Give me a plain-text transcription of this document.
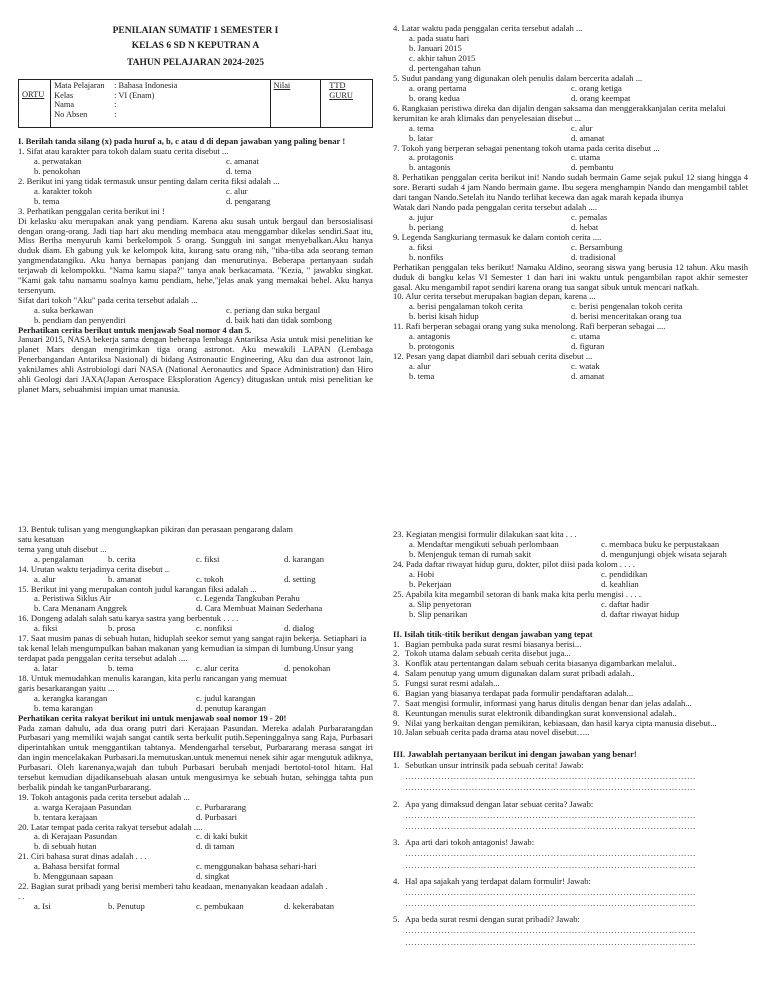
PENILAIAN SUMATIF 1 SEMESTER I

KELAS 6 SD N KEPUTRAN A

TAHUN PELAJARAN 2024-2025

ORTU	
Mata Pelajaran	: Bahasa Indonesia
Kelas	: VI (Enam)
Nama	:
No Absen	:
	Nilai	TTD
GURU

I. Berilah tanda silang (x) pada huruf a, b, c atau d di depan jawaban yang paling benar !

1. Sifat atau karakter para tokoh dalam suatu cerita disebut ...

a. perwatakan	c. amanat
b. penokohan	d. tema

2. Berikut ini yang tidak termasuk unsur penting dalam cerita fiksi adalah ...

a. karakter tokoh	c. alur
b. tema	d. pengarang

3. Perhatikan penggalan cerita berikut ini !

Di kelasku aku merupakan anak yang pendiam. Karena aku susah untuk bergaul dan bersosialisasi dengan orang-orang. Jadi tiap hari aku mending membaca atau menggambar dikelas sendiri.Saat itu, Miss Bertha menyuruh kami berkelompok 5 orang. Sungguh ini sangat menyebalkan.Aku hanya duduk diam. Eh gabung yuk ke kelompok kita, kurang satu orang nih, "tiba-tiba ada seorang teman yangmendatangiku. Aku hanya bernapas panjang dan menurutinya. Beberapa pertanyaan sudah terjawab di kelompokku. "Nama kamu siapa?" tanya anak berkacamata. "Kezia, " jawabku singkat. "Kami gak tahu namamu soalnya kamu pendiam, hehe,"jelas anak yang memakai behel. Aku hanya tersenyum.

Sifat dari tokoh "Aku" pada cerita tersebut adalah ...

a. suka berkawan	c. periang dan suka bergaul
b. pendiam dan penyendiri	d. baik hati dan tidak sombong

Perhatikan cerita berikut untuk menjawab Soal nomor 4 dan 5.

Januari 2015, NASA bekerja sama dengan beberapa lembaga Antariksa Asia untuk misi penelitian ke planet Mars dengan mengirimkan tiga orang astronot. Aku mewakili LAPAN (Lembaga Penerbangandan Antariksa Nasional) di bidang Astronautic Engineering, Aku dan dua astronot lain, yakniJames ahli Astrobiologi dari NASA (National Aeronautics and Space Administration) dan Hiro ahli Geologi dari JAXA(Japan Aerospace Eksploration Agency) ditugaskan untuk misi penelitian ke planet Mars, sebuahmisi impian umat manusia.

4. Latar waktu pada penggalan cerita tersebut adalah ...

a. pada suatu hari
b. Januari 2015
c. akhir tahun 2015
d. pertengahan tahun

5. Sudut pandang yang digunakan oleh penulis dalam bercerita adalah ...

a. orang pertama	c. orang ketiga
b. orang kedua	d. orang keempat

6. Rangkaian peristiwa direka dan dijalin dengan saksama dan menggerakkanjalan cerita melalui kerumitan ke arah klimaks dan penyelesaian disebut ...

a. tema	c. alur
b. latar	d. amanat

7. Tokoh yang berperan sebagai penentang tokoh utama pada cerita disebut ...

a. protagonis	c. utama
b. antagonis	d. pembantu

8. Perhatikan penggalan cerita berikut ini! Nando sudah bermain Game sejak pukul 12 siang hingga 4 sore. Berarti sudah 4 jam Nando bermain game. Ibu segera menghampin Nando dan mengambil tablet dari tangan Nando.Setelah itu Nando terlihat kecewa dan agak marah kepada ibunya

Watak dari Nando pada penggalan cerita tersebut adalah ....

a. jujur	c. pemalas
b. periang	d. hebat

9. Legenda Sangkuriang termasuk ke dalam contoh cerita ....

a. fiksi	c. Bersambung
b. nonfiks	d. tradisional

Perhatikan penggalan teks berikut! Namaku Aldino, seorang siswa yang berusia 12 tahun. Aku masih duduk di bangku kelas VI Semester 1 dan hari ini waktu untuk pengambilan rapot akhir semester gasal. Aku mengambil rapot sendiri karena orang tua sangat sibuk untuk mencari nafkah.

10. Alur cerita tersebut merupakan bagian depan, karena ...

a. berisi pengalaman tokoh cerita	c. berisi pengenalan tokoh cerita
b. berisi kisah hidup	d. berisi menceritakan orang tua

11. Rafi berperan sebagai orang yang suka menolong. Rafi berperan sebagai ....

a. antagonis	c. utama
b. protogonis	d. figuran

12. Pesan yang dapat diambil dari sebuah cerita disebut ...

a. alur	c. watak
b. tema	d. amanat

13. Bentuk tulisan yang mengungkapkan pikiran dan perasaan pengarang dalam

satu kesatuan

tema yang utuh disebut ...

a. pengalaman	b. cerita	c. fiksi	d. karangan

14. Urutan waktu terjadinya cerita disebut ..

a. alur	b. amanat	c. tokoh	d. setting

15. Berikut ini yang merupakan contoh judul karangan fiksi adalah ...

a. Peristiwa Siklus Air	c. Legenda Tangkuban Perahu
b. Cara Menanam Anggrek	d. Cara Membuat Mainan Sederhana

16. Dongeng adalah salah satu karya sastra yang berbentuk . . . .

a. fiksi	b. prosa	c. nonfiksi	d. dialog

17. Saat musim panas di sebuah hutan, hiduplah seekor semut yang sangat rajin bekerja. Setiaphari ia tak kenal lelah mengumpulkan bahan makanan yang kemudian ia simpan di lumbung.Unsur yang terdapat pada penggalan cerita tersebut adalah ....

a. latar	b. tema	c. alur cerita	d. penokohan

18. Untuk memudahkan menulis karangan, kita perlu rancangan yang memuat

garis besarkarangan yaitu ...

a. kerangka karangan	c. judul karangan
b. tema karangan	d. penutup karangan

Perhatikan cerita rakyat berikut ini untuk menjawab soal nomor 19 - 20!

Pada zaman dahulu, ada dua orang putri dari Kerajaan Pasundan. Mereka adalah Purbararangdan Purbasari yang memiliki wajah sangat cantik serta berkulit putih.Sepeninggalnya sang Raja, Purbasari diperintahkan untuk menggantikan tahtanya. Mendengarhal tersebut, Purbararang merasa sangat iri dan ingin mencelakakan Purbasari.Ia memutuskan.untuk menemui nenek sihir agar mengutuk adiknya, Purbasari. Oleh karenanya,wajah dan tubuh Purbasari berubah menjadi bertotol-totol hitam. Hal tersebut kemudian dijadikansebuah alasan untuk mengusirnya ke sebuah hutan, sehingga tahta pun berbalik pindah ke tanganPurbararang.

19. Tokoh antagonis pada cerita tersebut adalah ...

a. warga Kerajaan Pasundan	c. Purbararang
b. tentara kerajaan	d. Purbasari

20. Latar tempat pada cerita rakyat tersebut adalah ....

a. di Kerajaan Pasundan	c. di kaki bukit
b. di sebuah hutan	d. di taman

21. Ciri bahasa surat dinas adalah . . .

a. Bahasa bersifat formal	c. menggunakan bahasa sehari-hari
b. Menggunaan sapaan	d. singkat

22. Bagian surat pribadi yang berisi memberi tahu keadaan, menanyakan keadaan adalah .

. .

a. Isi	b. Penutup	c. pembukaan	d. kekerabatan

23. Kegiatan mengisi formulir dilakukan saat kita . . .

a. Mendaftar mengikuti sebuah perlombaan	c. membaca buku ke perpustakaan
b. Menjenguk teman di rumah sakit	d. mengunjungi objek wisata sejarah

24. Pada daftar riwayat hidup guru, dokter, pilot diisi pada kolom . . . .

a. Hobi	c. pendidikan
b. Pekerjaan	d. keahlian

25. Apabila kita megambil setoran di bank maka kita perlu mengisi . . . .

a. Slip penyetoran	c. daftar hadir
b. Slip penarikan	d. daftar riwayat hidup

II. Isilah titik-titik berikut dengan jawaban yang tepat

1. Bagian pembuka pada surat resmi biasanya berisi...

2. Tokoh utama dalam sebuah cerita disebut juga...

3. Konflik atau pertentangan dalam sebuah cerita biasanya digambarkan melalui..

4. Salam penutup yang umum digunakan dalam surat pribadi adalah..

5. Fungsi surat resmi adalah...

6. Bagian yang biasanya terdapat pada formulir pendaftaran adalah...

7. Saat mengisi formulir, informasi yang harus ditulis dengan benar dan jelas adalah...

8. Keuntungan menulis surat elektronik dibandingkan surat konvensional adalah..

9. Nilai yang berkaitan dengan pemikiran, kebiasaan, dan hasil karya cipta manusia disebut...

10.Jalan sebuah cerita pada drama atau novel disebut…..

III. Jawablah pertanyaan berikut ini dengan jawaban yang benar!

1. Sebutkan unsur intrinsik pada sebuah cerita! Jawab:

……………………………………………………………………………………

……………………………………………………………………………………

2. Apa yang dimaksud dengan latar sebuat cerita? Jawab:

……………………………………………………………………………………

……………………………………………………………………………………

3. Apa arti dari tokoh antagonis! Jawab:

……………………………………………………………………………………

……………………………………………………………………………………

4. Hal apa sajakah yang terdapat dalam formulir! Jawab:

……………………………………………………………………………………

……………………………………………………………………………………

5. Apa beda surat resmi dengan surat pribadi? Jawab:

……………………………………………………………………………………

……………………………………………………………………………………
